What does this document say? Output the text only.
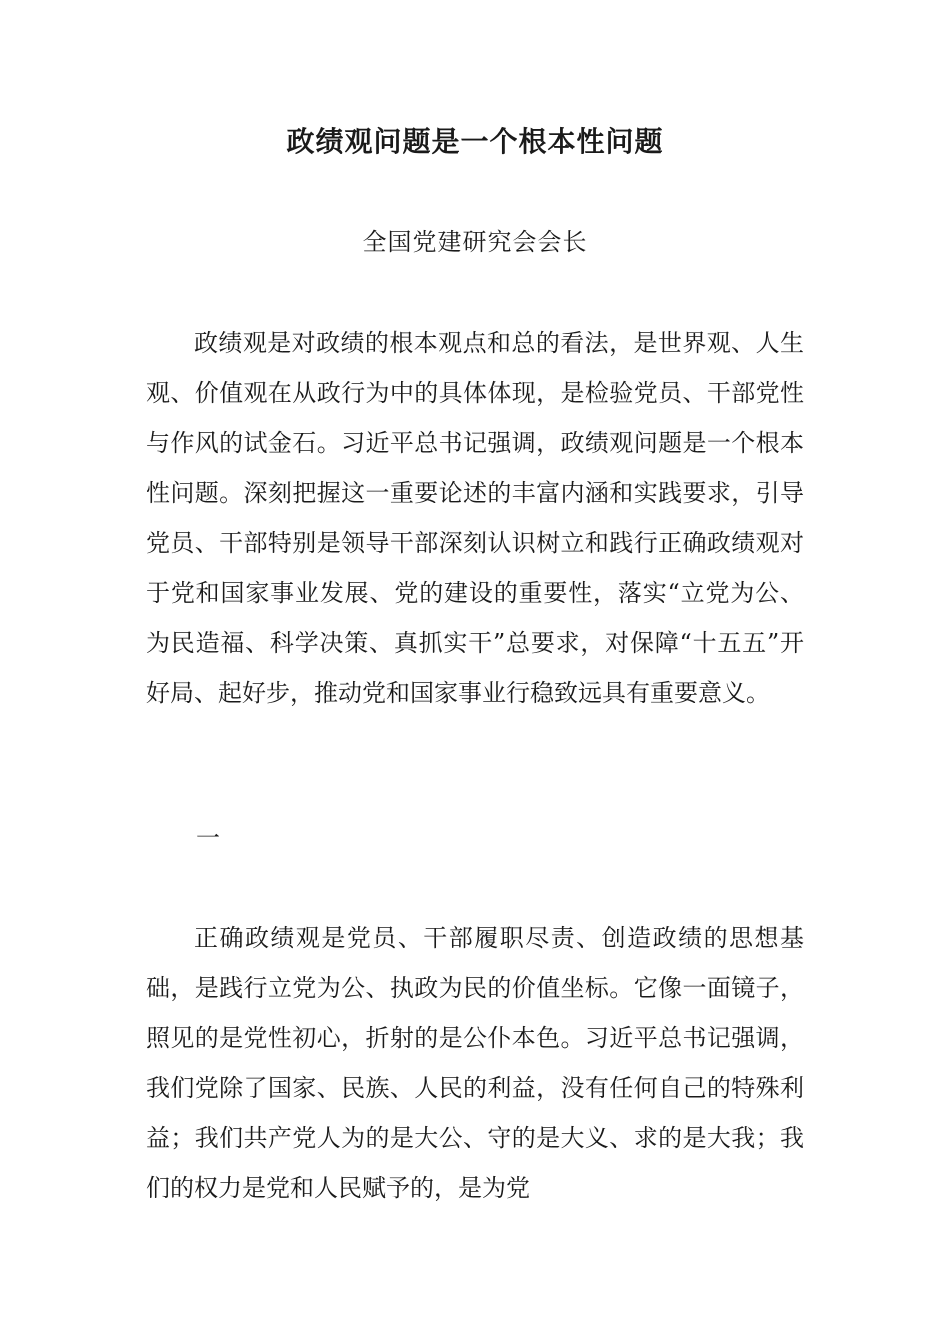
政绩观问题是一个根本性问题
全国党建研究会会长

政绩观是对政绩的根本观点和总的看法，是世界观、人生观、价值观在从政行为中的具体体现，是检验党员、干部党性与作风的试金石。习近平总书记强调，政绩观问题是一个根本性问题。深刻把握这一重要论述的丰富内涵和实践要求，引导党员、干部特别是领导干部深刻认识树立和践行正确政绩观对于党和国家事业发展、党的建设的重要性，落实“立党为公、为民造福、科学决策、真抓实干”总要求，对保障“十五五”开好局、起好步，推动党和国家事业行稳致远具有重要意义。

一

正确政绩观是党员、干部履职尽责、创造政绩的思想基础，是践行立党为公、执政为民的价值坐标。它像一面镜子，照见的是党性初心，折射的是公仆本色。习近平总书记强调，我们党除了国家、民族、人民的利益，没有任何自己的特殊利益；我们共产党人为的是大公、守的是大义、求的是大我；我们的权力是党和人民赋予的，是为党
